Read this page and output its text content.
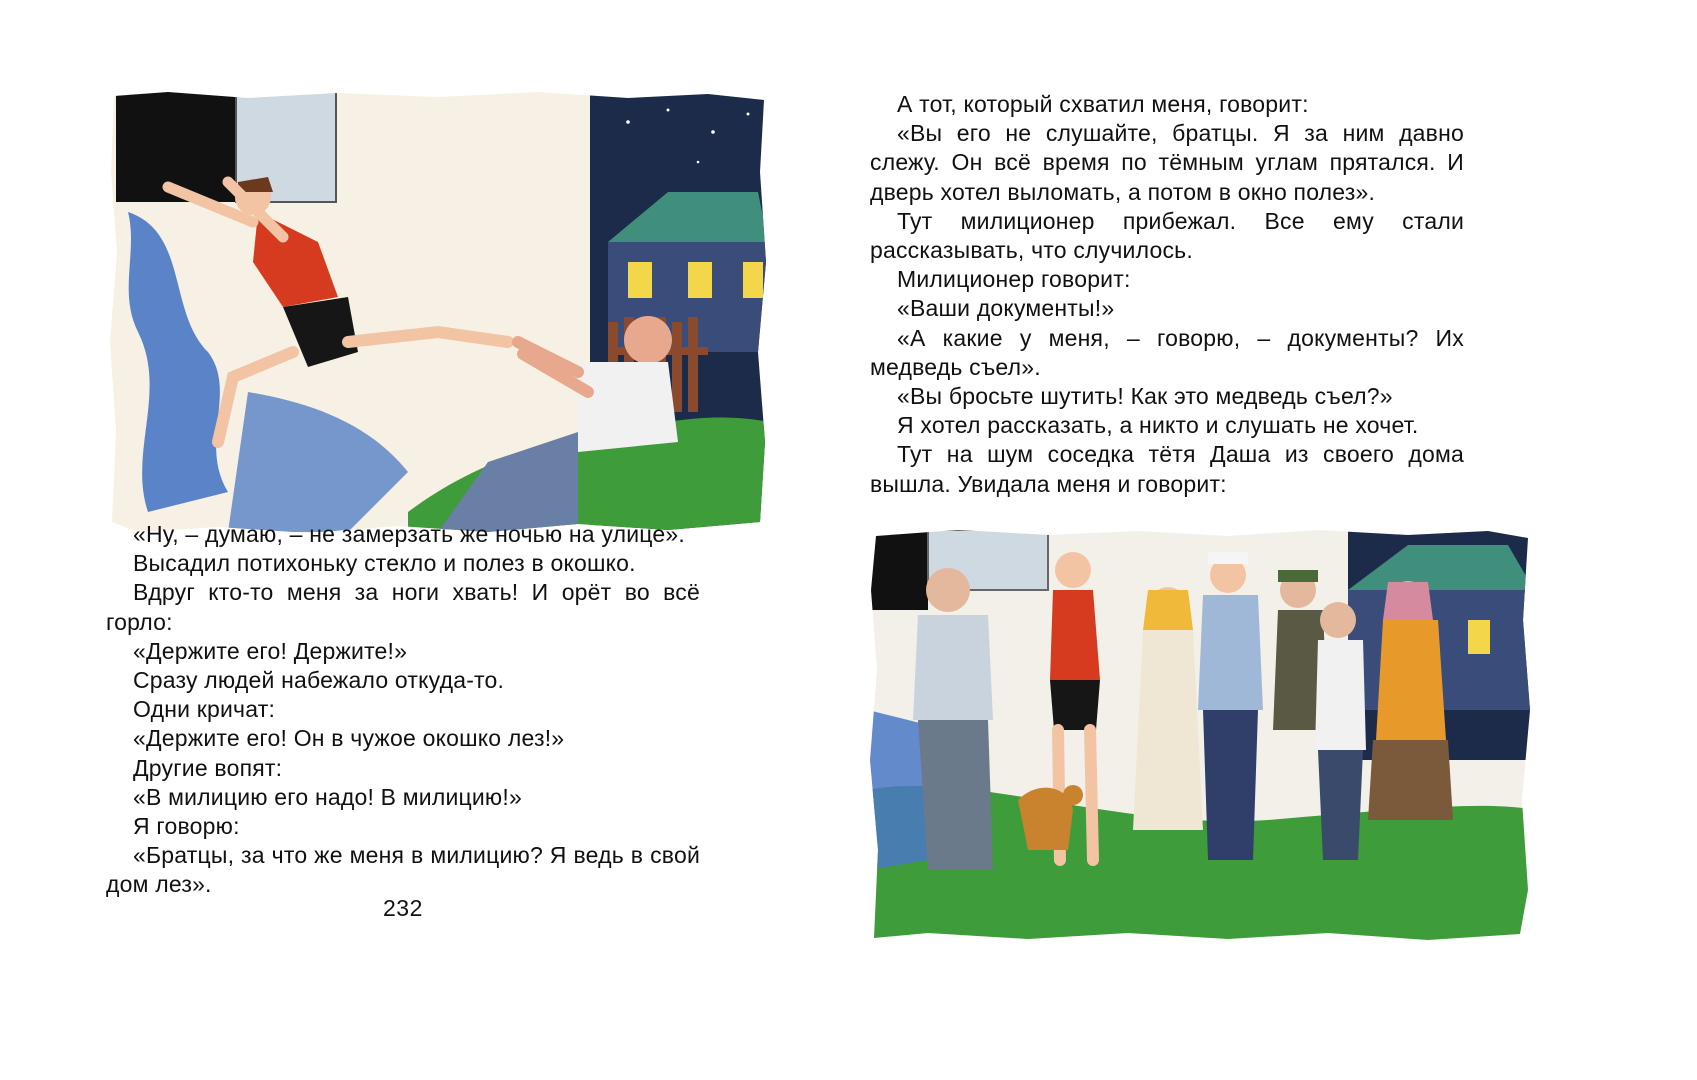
«Ну, – думаю, – не замерзать же ночью на улице».

Высадил потихоньку стекло и полез в окошко.

Вдруг кто-то меня за ноги хвать! И орёт во всё горло:

«Держите его! Держите!»

Сразу людей набежало откуда-то.

Одни кричат:

«Держите его! Он в чужое окошко лез!»

Другие вопят:

«В милицию его надо! В милицию!»

Я говорю:

«Братцы, за что же меня в милицию? Я ведь в свой дом лез».

232

А тот, который схватил меня, говорит:

«Вы его не слушайте, братцы. Я за ним давно слежу. Он всё время по тёмным углам прятался. И дверь хотел выломать, а потом в окно полез».

Тут милиционер прибежал. Все ему стали рассказывать, что случилось.

Милиционер говорит:

«Ваши документы!»

«А какие у меня, – говорю, – документы? Их медведь съел».

«Вы бросьте шутить! Как это медведь съел?»

Я хотел рассказать, а никто и слушать не хочет.

Тут на шум соседка тётя Даша из своего дома вышла. Увидала меня и говорит:
